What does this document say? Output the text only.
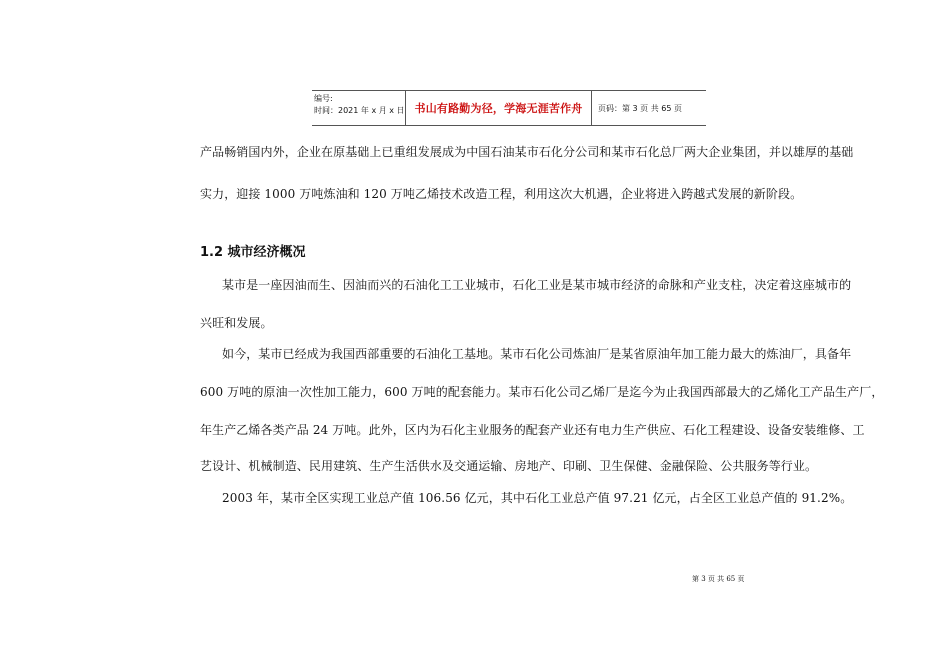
编号:
时间：2021 年 x 月 x 日 书山有路勤为径，学海无涯苦作舟	页码：第 3 页 共 65 页
产品畅销国内外，企业在原基础上已重组发展成为中国石油某市石化分公司和某市石化总厂两大企业集团，并以雄厚的基础
实力，迎接 1000 万吨炼油和 120 万吨乙烯技术改造工程，利用这次大机遇，企业将进入跨越式发展的新阶段。
1.2 城市经济概况
某市是一座因油而生、因油而兴的石油化工工业城市，石化工业是某市城市经济的命脉和产业支柱，决定着这座城市的
兴旺和发展。
如今，某市已经成为我国西部重要的石油化工基地。某市石化公司炼油厂是某省原油年加工能力最大的炼油厂，具备年
600 万吨的原油一次性加工能力，600 万吨的配套能力。某市石化公司乙烯厂是迄今为止我国西部最大的乙烯化工产品生产厂，
年生产乙烯各类产品 24 万吨。此外，区内为石化主业服务的配套产业还有电力生产供应、石化工程建设、设备安装维修、工
艺设计、机械制造、民用建筑、生产生活供水及交通运输、房地产、印刷、卫生保健、金融保险、公共服务等行业。
2003 年，某市全区实现工业总产值 106.56 亿元，其中石化工业总产值 97.21 亿元，占全区工业总产值的 91.2%。
第 3 页 共 65 页
